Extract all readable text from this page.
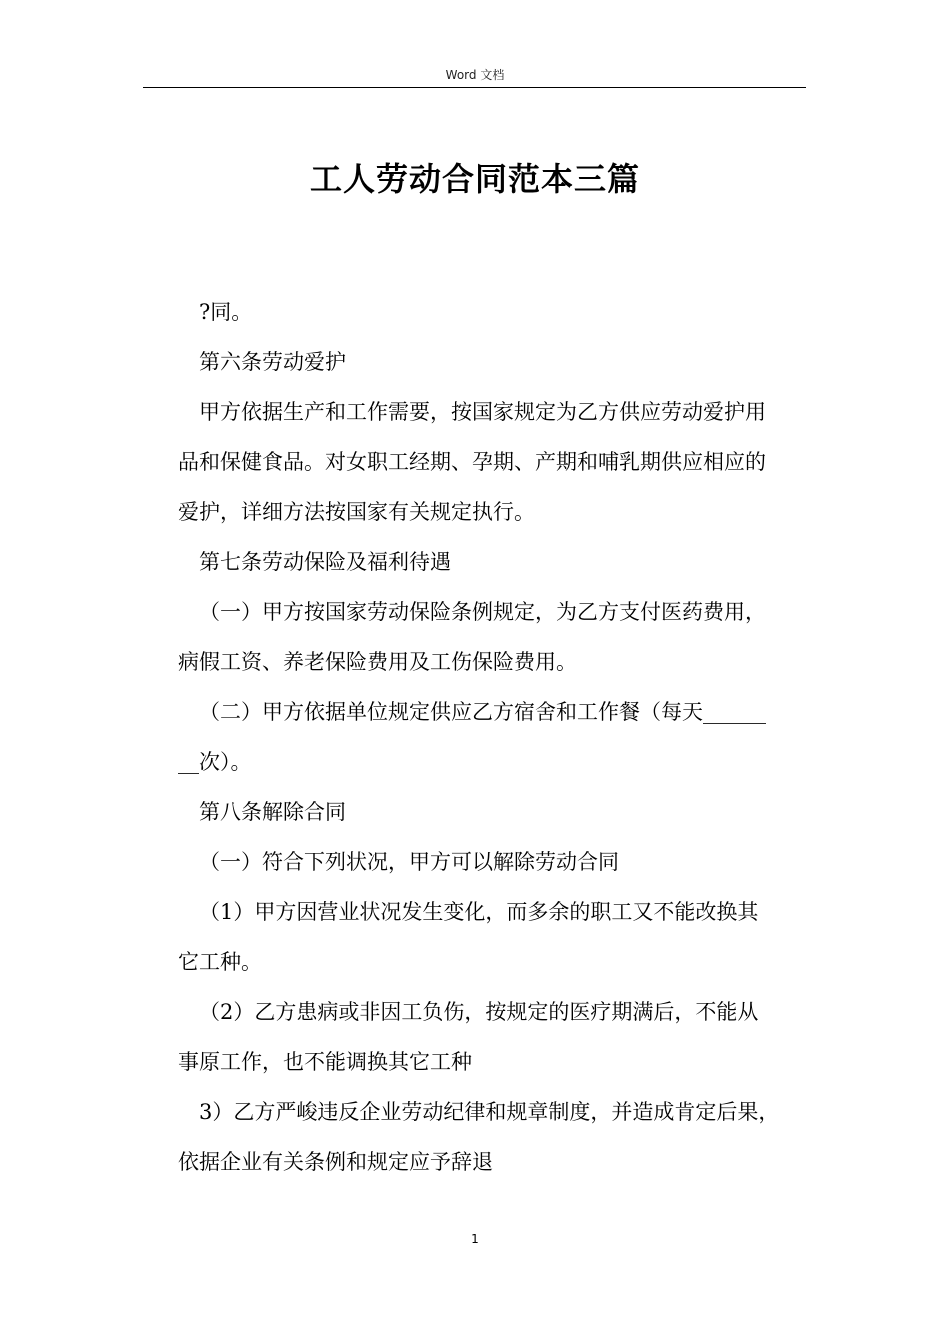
Word 文档
工人劳动合同范本三篇
?同。
第六条劳动爱护
甲方依据生产和工作需要，按国家规定为乙方供应劳动爱护用
品和保健食品。对女职工经期、孕期、产期和哺乳期供应相应的
爱护，详细方法按国家有关规定执行。
第七条劳动保险及福利待遇
（一）甲方按国家劳动保险条例规定，为乙方支付医药费用，
病假工资、养老保险费用及工伤保险费用。
（二）甲方依据单位规定供应乙方宿舍和工作餐（每天______
__次）。
第八条解除合同
（一）符合下列状况，甲方可以解除劳动合同
（1）甲方因营业状况发生变化，而多余的职工又不能改换其
它工种。
（2）乙方患病或非因工负伤，按规定的医疗期满后，不能从
事原工作，也不能调换其它工种
3）乙方严峻违反企业劳动纪律和规章制度，并造成肯定后果，
依据企业有关条例和规定应予辞退
1
